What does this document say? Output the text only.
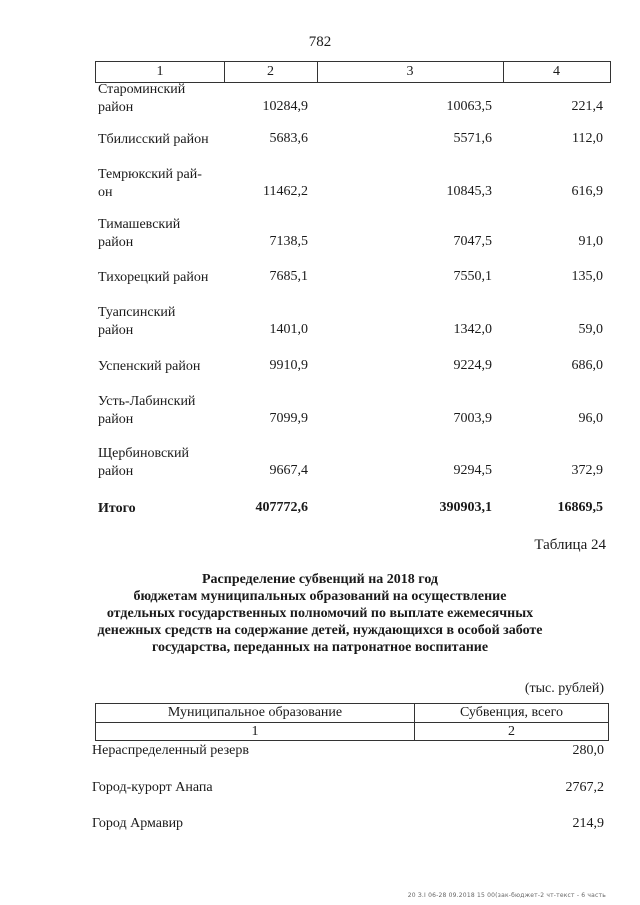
782
1	2	3	4
Староминский
район	10284,9	10063,5	221,4
Тбилисский район	5683,6	5571,6	112,0
Темрюкский рай-
он	11462,2	10845,3	616,9
Тимашевский
район	7138,5	7047,5	91,0
Тихорецкий район	7685,1	7550,1	135,0
Туапсинский
район	1401,0	1342,0	59,0
Успенский район	9910,9	9224,9	686,0
Усть-Лабинский
район	7099,9	7003,9	96,0
Щербиновский
район	9667,4	9294,5	372,9
Итого	407772,6	390903,1	16869,5
Таблица 24
Распределение субвенций на 2018 год
бюджетам муниципальных образований на осуществление
отдельных государственных полномочий по выплате ежемесячных
денежных средств на содержание детей, нуждающихся в особой заботе
государства, переданных на патронатное воспитание
(тыс. рублей)
Муниципальное образование	Субвенция, всего
1	2
Нераспределенный резерв	280,0
Город-курорт Анапа	2767,2
Город Армавир	214,9
20 З.І 06-28 09.2018 15 00(зак-бюджет-2 чт-текст - 6 часть
